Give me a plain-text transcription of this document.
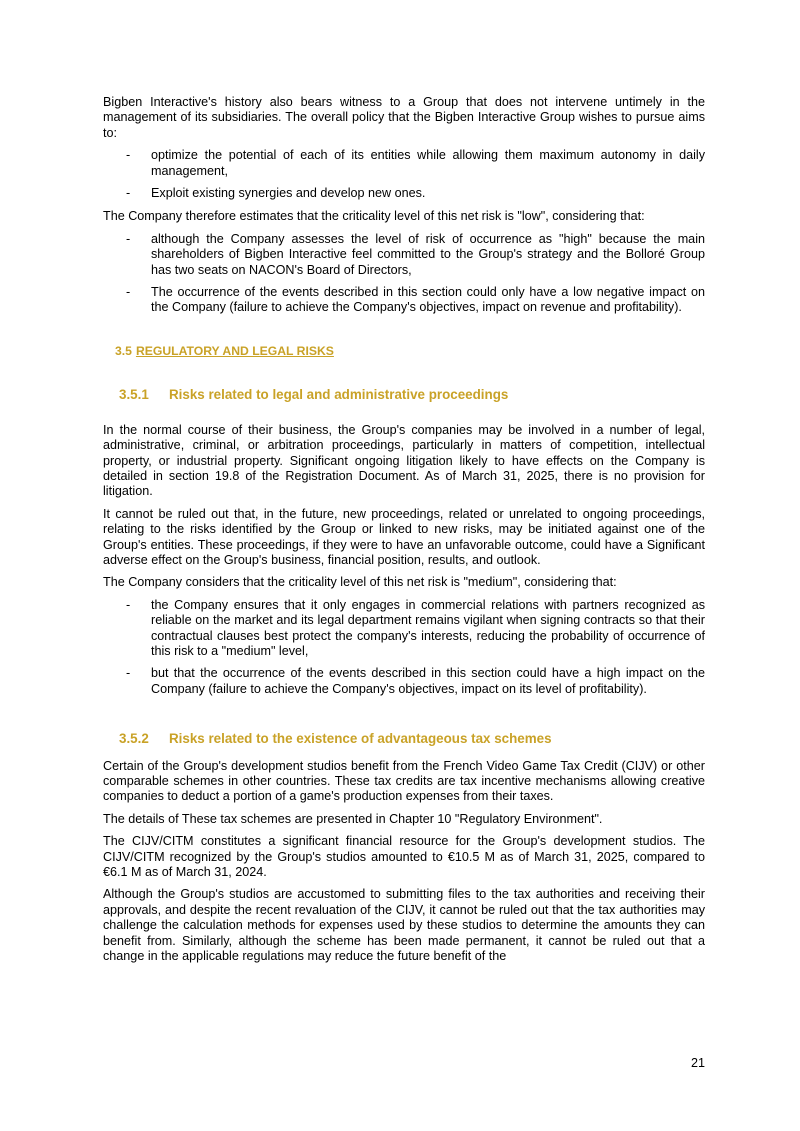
Bigben Interactive's history also bears witness to a Group that does not intervene untimely in the management of its subsidiaries. The overall policy that the Bigben Interactive Group wishes to pursue aims to:

- optimize the potential of each of its entities while allowing them maximum autonomy in daily management,
- Exploit existing synergies and develop new ones.

The Company therefore estimates that the criticality level of this net risk is "low", considering that:

- although the Company assesses the level of risk of occurrence as "high" because the main shareholders of Bigben Interactive feel committed to the Group's strategy and the Bolloré Group has two seats on NACON's Board of Directors,
- The occurrence of the events described in this section could only have a low negative impact on the Company (failure to achieve the Company's objectives, impact on revenue and profitability).
3.5 REGULATORY AND LEGAL RISKS
3.5.1 Risks related to legal and administrative proceedings

In the normal course of their business, the Group's companies may be involved in a number of legal, administrative, criminal, or arbitration proceedings, particularly in matters of competition, intellectual property, or industrial property. Significant ongoing litigation likely to have effects on the Company is detailed in section 19.8 of the Registration Document. As of March 31, 2025, there is no provision for litigation.

It cannot be ruled out that, in the future, new proceedings, related or unrelated to ongoing proceedings, relating to the risks identified by the Group or linked to new risks, may be initiated against one of the Group's entities. These proceedings, if they were to have an unfavorable outcome, could have a Significant adverse effect on the Group's business, financial position, results, and outlook.

The Company considers that the criticality level of this net risk is "medium", considering that:

- the Company ensures that it only engages in commercial relations with partners recognized as reliable on the market and its legal department remains vigilant when signing contracts so that their contractual clauses best protect the company's interests, reducing the probability of occurrence of this risk to a "medium" level,
- but that the occurrence of the events described in this section could have a high impact on the Company (failure to achieve the Company's objectives, impact on its level of profitability).
3.5.2 Risks related to the existence of advantageous tax schemes

Certain of the Group's development studios benefit from the French Video Game Tax Credit (CIJV) or other comparable schemes in other countries. These tax credits are tax incentive mechanisms allowing creative companies to deduct a portion of a game's production expenses from their taxes.

The details of These tax schemes are presented in Chapter 10 "Regulatory Environment".

The CIJV/CITM constitutes a significant financial resource for the Group's development studios. The CIJV/CITM recognized by the Group's studios amounted to €10.5 M as of March 31, 2025, compared to €6.1 M as of March 31, 2024.

Although the Group's studios are accustomed to submitting files to the tax authorities and receiving their approvals, and despite the recent revaluation of the CIJV, it cannot be ruled out that the tax authorities may challenge the calculation methods for expenses used by these studios to determine the amounts they can benefit from. Similarly, although the scheme has been made permanent, it cannot be ruled out that a change in the applicable regulations may reduce the future benefit of the

21
